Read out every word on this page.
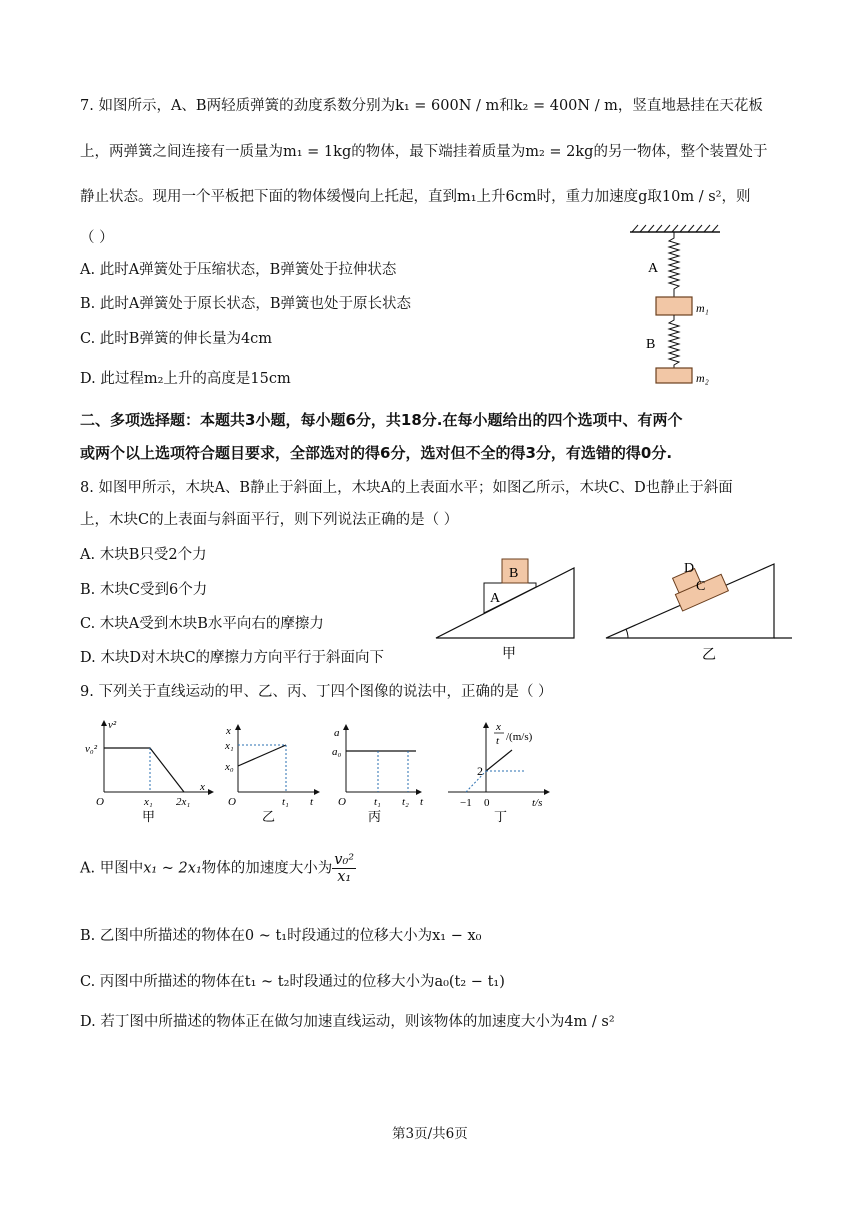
7. 如图所示，A、B两轻质弹簧的劲度系数分别为k₁ = 600N / m和k₂ = 400N / m，竖直地悬挂在天花板
上，两弹簧之间连接有一质量为m₁ = 1kg的物体，最下端挂着质量为m₂ = 2kg的另一物体，整个装置处于
静止状态。现用一个平板把下面的物体缓慢向上托起，直到m₁上升6cm时，重力加速度g取10m / s²，则
（ ）
A. 此时A弹簧处于压缩状态，B弹簧处于拉伸状态
B. 此时A弹簧处于原长状态，B弹簧也处于原长状态
C. 此时B弹簧的伸长量为4cm
D. 此过程m₂上升的高度是15cm
A
m₁
B
m₂
二、多项选择题：本题共3小题，每小题6分，共18分.在每小题给出的四个选项中、有两个
或两个以上选项符合题目要求，全部选对的得6分，选对但不全的得3分，有选错的得0分.
8. 如图甲所示，木块A、B静止于斜面上，木块A的上表面水平；如图乙所示，木块C、D也静止于斜面
上，木块C的上表面与斜面平行，则下列说法正确的是（ ）
A. 木块B只受2个力
B. 木块C受到6个力
C. 木块A受到木块B水平向右的摩擦力
D. 木块D对木块C的摩擦力方向平行于斜面向下
A
B
甲
C
D
乙
9. 下列关于直线运动的甲、乙、丙、丁四个图像的说法中，正确的是（ ）
v²
v₀²
O	x₁ 2x₁
x
甲
x
x₁
x₀
O	t₁ t
乙
a
a₀
O	t₁ t₂ t
丙
x
t /(m/s)
2
−1 0	t/s
丁
A. 甲图中x₁ ~ 2x₁物体的加速度大小为 $\frac{\text{v₀²}}{\text{x₁}}$
B. 乙图中所描述的物体在0 ~ t₁时段通过的位移大小为x₁ − x₀
C. 丙图中所描述的物体在t₁ ~ t₂时段通过的位移大小为a₀(t₂ − t₁)
D. 若丁图中所描述的物体正在做匀加速直线运动，则该物体的加速度大小为4m / s²
第3页/共6页
